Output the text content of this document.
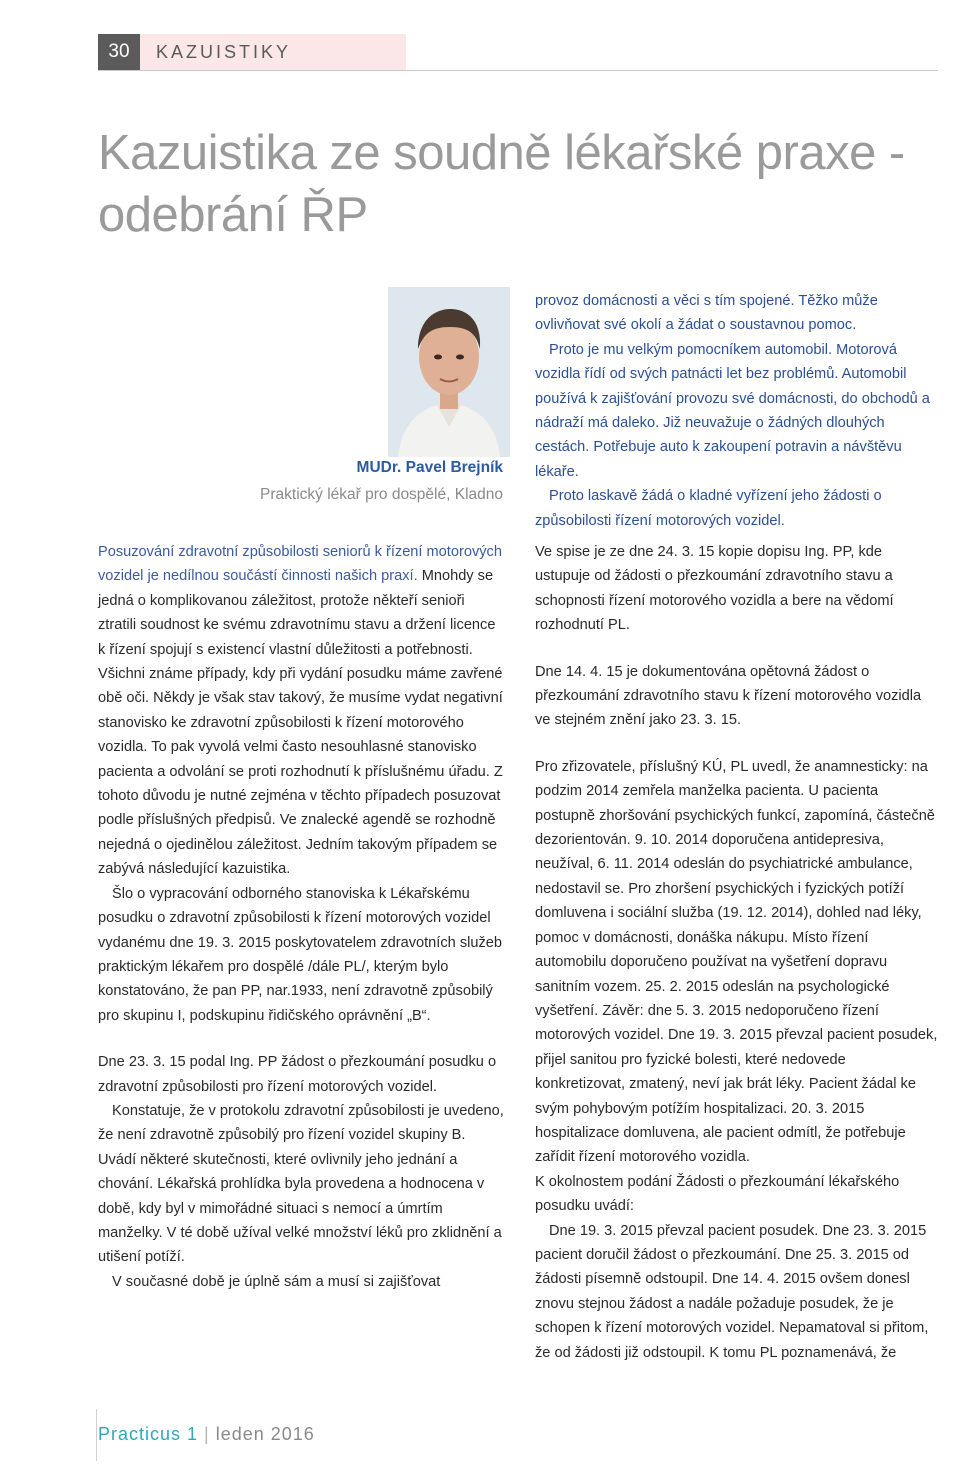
30	KAZUISTIKY
Kazuistika ze soudně lékařské praxe -
odebrání ŘP
MUDr. Pavel Brejník
Praktický lékař pro dospělé, Kladno

provoz domácnosti a věci s tím spojené. Těžko může ovlivňovat své okolí a žádat o soustavnou pomoc.

Proto je mu velkým pomocníkem automobil. Motorová vozidla řídí od svých patnácti let bez problémů. Automobil používá k zajišťování provozu své domácnosti, do obchodů a nádraží má daleko. Již neuvažuje o žádných dlouhých cestách. Potřebuje auto k zakoupení potravin a návštěvu lékaře.

Proto laskavě žádá o kladné vyřízení jeho žádosti o způsobilosti řízení motorových vozidel.

Posuzování zdravotní způsobilosti seniorů k řízení motorových vozidel je nedílnou součástí činnosti našich praxí. Mnohdy se jedná o komplikovanou záležitost, protože někteří senioři ztratili soudnost ke svému zdravotnímu stavu a držení licence k řízení spojují s existencí vlastní důležitosti a potřebnosti. Všichni známe případy, kdy při vydání posudku máme zavřené obě oči. Někdy je však stav takový, že musíme vydat negativní stanovisko ke zdravotní způsobilosti k řízení motorového vozidla. To pak vyvolá velmi často nesouhlasné stanovisko pacienta a odvolání se proti rozhodnutí k příslušnému úřadu. Z tohoto důvodu je nutné zejména v těchto případech posuzovat podle příslušných předpisů. Ve znalecké agendě se rozhodně nejedná o ojedinělou záležitost. Jedním takovým případem se zabývá následující kazuistika.

Šlo o vypracování odborného stanoviska k Lékařskému posudku o zdravotní způsobilosti k řízení motorových vozidel vydanému dne 19. 3. 2015 poskytovatelem zdravotních služeb praktickým lékařem pro dospělé /dále PL/, kterým bylo konstatováno, že pan PP, nar.1933, není zdravotně způsobilý pro skupinu I, podskupinu řidičského oprávnění „B“.

Dne 23. 3. 15 podal Ing. PP žádost o přezkoumání posudku o zdravotní způsobilosti pro řízení motorových vozidel.

Konstatuje, že v protokolu zdravotní způsobilosti je uvedeno, že není zdravotně způsobilý pro řízení vozidel skupiny B. Uvádí některé skutečnosti, které ovlivnily jeho jednání a chování. Lékařská prohlídka byla provedena a hodnocena v době, kdy byl v mimořádné situaci s nemocí a úmrtím manželky. V té době užíval velké množství léků pro zklidnění a utišení potíží.

V současné době je úplně sám a musí si zajišťovat

Ve spise je ze dne 24. 3. 15 kopie dopisu Ing. PP, kde ustupuje od žádosti o přezkoumání zdravotního stavu a schopnosti řízení motorového vozidla a bere na vědomí rozhodnutí PL.

Dne 14. 4. 15 je dokumentována opětovná žádost o přezkoumání zdravotního stavu k řízení motorového vozidla ve stejném znění jako 23. 3. 15.

Pro zřizovatele, příslušný KÚ, PL uvedl, že anamnesticky: na podzim 2014 zemřela manželka pacienta. U pacienta postupně zhoršování psychických funkcí, zapomíná, částečně dezorientován. 9. 10. 2014 doporučena antidepresiva, neužíval, 6. 11. 2014 odeslán do psychiatrické ambulance, nedostavil se. Pro zhoršení psychických i fyzických potíží domluvena i sociální služba (19. 12. 2014), dohled nad léky, pomoc v domácnosti, donáška nákupu. Místo řízení automobilu doporučeno používat na vyšetření dopravu sanitním vozem. 25. 2. 2015 odeslán na psychologické vyšetření. Závěr: dne 5. 3. 2015 nedoporučeno řízení motorových vozidel. Dne 19. 3. 2015 převzal pacient posudek, přijel sanitou pro fyzické bolesti, které nedovede konkretizovat, zmatený, neví jak brát léky. Pacient žádal ke svým pohybovým potížím hospitalizaci. 20. 3. 2015 hospitalizace domluvena, ale pacient odmítl, že potřebuje zařídit řízení motorového vozidla.

K okolnostem podání Žádosti o přezkoumání lékařského posudku uvádí:

Dne 19. 3. 2015 převzal pacient posudek. Dne 23. 3. 2015 pacient doručil žádost o přezkoumání. Dne 25. 3. 2015 od žádosti písemně odstoupil. Dne 14. 4. 2015 ovšem donesl znovu stejnou žádost a nadále požaduje posudek, že je schopen k řízení motorových vozidel. Nepamatoval si přitom, že od žádosti již odstoupil. K tomu PL poznamenává, že

Practicus 1 | leden 2016
